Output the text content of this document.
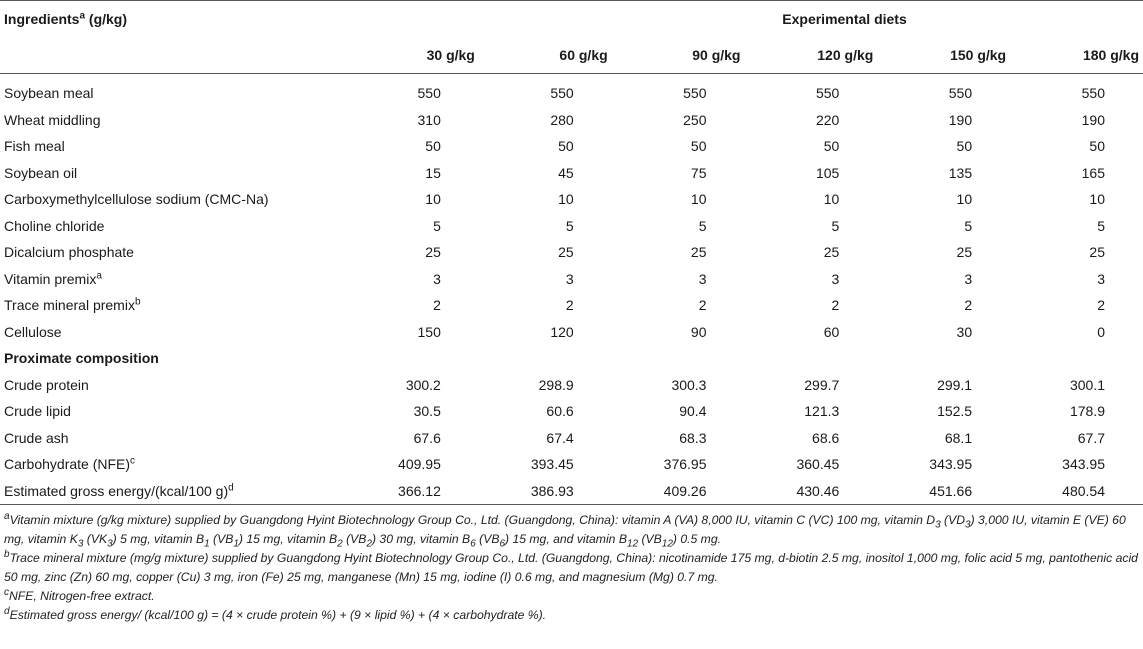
Ingredients$^a$ (g/kg)	Experimental diets					
	30 g/kg	60 g/kg	90 g/kg	120 g/kg	150 g/kg	180 g/kg
Soybean meal	550	550	550	550	550	550
Wheat middling	310	280	250	220	190	190
Fish meal	50	50	50	50	50	50
Soybean oil	15	45	75	105	135	165
Carboxymethylcellulose sodium (CMC-Na)	10	10	10	10	10	10
Choline chloride	5	5	5	5	5	5
Dicalcium phosphate	25	25	25	25	25	25
Vitamin premix$^a$	3	3	3	3	3	3
Trace mineral premix$^b$	2	2	2	2	2	2
Cellulose	150	120	90	60	30	0
Proximate composition						
Crude protein	300.2	298.9	300.3	299.7	299.1	300.1
Crude lipid	30.5	60.6	90.4	121.3	152.5	178.9
Crude ash	67.6	67.4	68.3	68.6	68.1	67.7
Carbohydrate (NFE)$^c$	409.95	393.45	376.95	360.45	343.95	343.95
Estimated gross energy/(kcal/100 g)$^d$	366.12	386.93	409.26	430.46	451.66	480.54

$^a$Vitamin mixture (g/kg mixture) supplied by Guangdong Hyint Biotechnology Group Co., Ltd. (Guangdong, China): vitamin A (VA) 8,000 IU, vitamin C (VC) 100 mg, vitamin $D_3$ $(VD_3)$ 3,000 IU, vitamin E (VE) 60 mg, vitamin $K_3$ $(VK_3)$ 5 mg, vitamin $B_1$ $(VB_1)$ 15 mg, vitamin $B_2$ $(VB_2)$ 30 mg, vitamin $B_6$ $(VB_6)$ 15 mg, and vitamin $B_{12}$ $(VB_{12})$ 0.5 mg.

$^b$Trace mineral mixture (mg/g mixture) supplied by Guangdong Hyint Biotechnology Group Co., Ltd. (Guangdong, China): nicotinamide 175 mg, d-biotin 2.5 mg, inositol 1,000 mg, folic acid 5 mg, pantothenic acid 50 mg, zinc (Zn) 60 mg, copper (Cu) 3 mg, iron (Fe) 25 mg, manganese (Mn) 15 mg, iodine (I) 0.6 mg, and magnesium (Mg) 0.7 mg.

$^c$NFE, Nitrogen-free extract.

$^d$Estimated gross energy/ (kcal/100 g) = (4 × crude protein %) + (9 × lipid %) + (4 × carbohydrate %).
